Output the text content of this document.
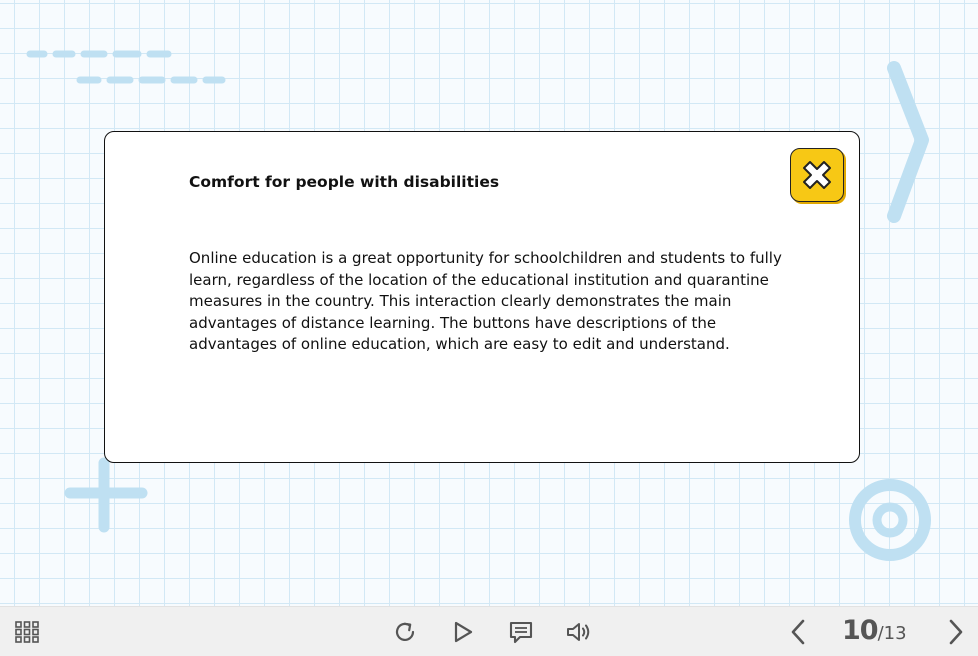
Comfort for people with disabilities

Online education is a great opportunity for schoolchildren and students to fully learn, regardless of the location of the educational institution and quarantine measures in the country. This interaction clearly demonstrates the main advantages of distance learning. The buttons have descriptions of the advantages of online education, which are easy to edit and understand.

10 /13
